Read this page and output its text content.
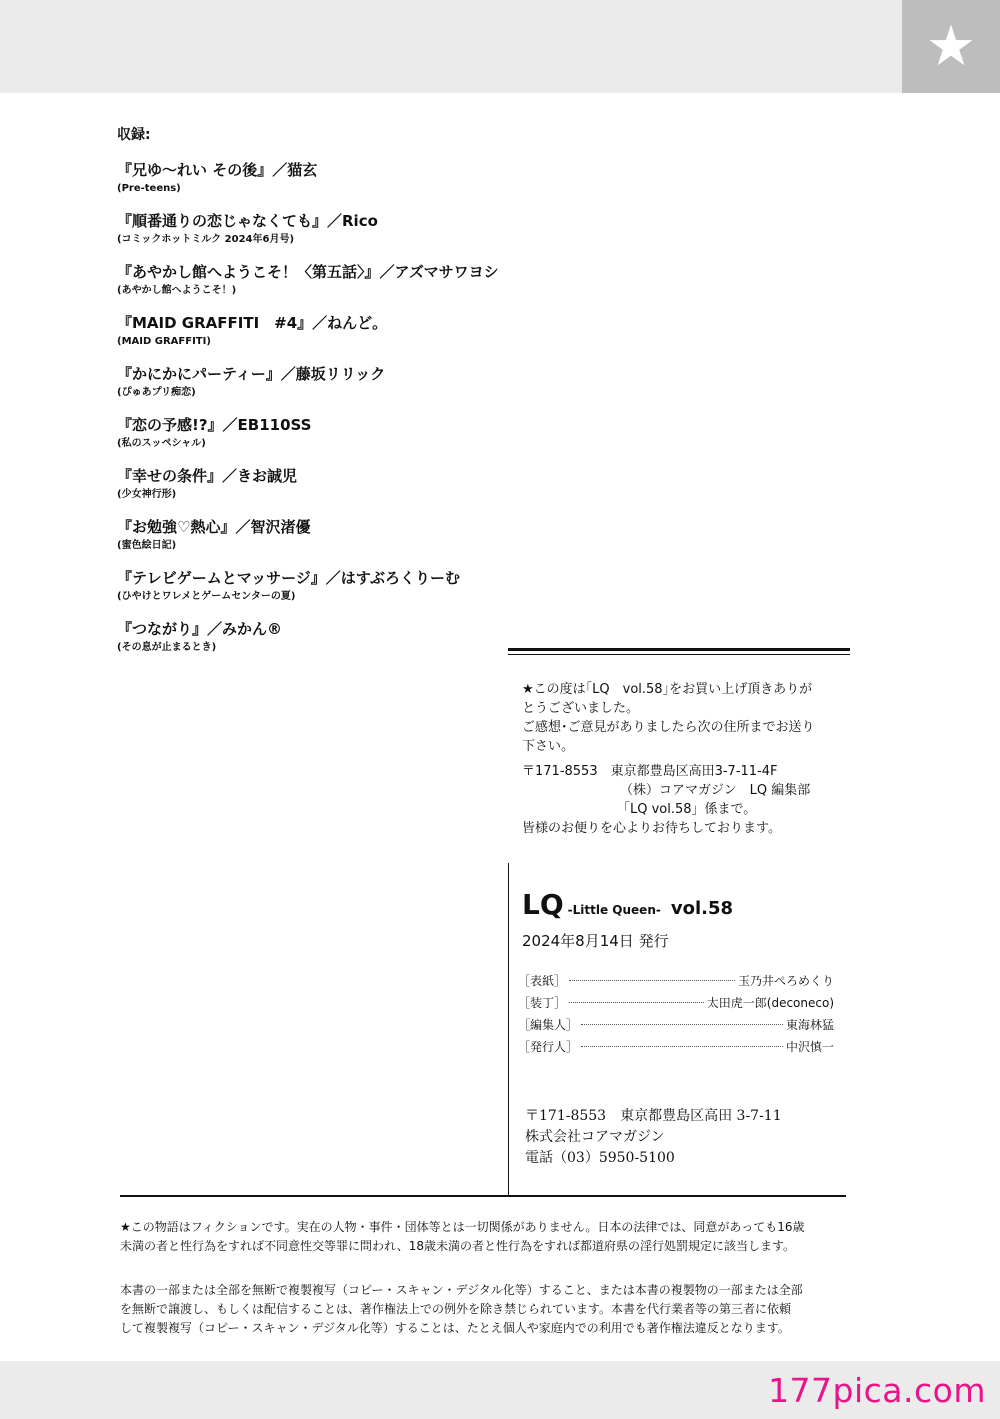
★
収録:
『兄ゆ〜れい その後』／猫玄
(Pre-teens)
『順番通りの恋じゃなくても』／Rico
(コミックホットミルク 2024年6月号)
『あやかし館へようこそ！〈第五話〉』／アズマサワヨシ
(あやかし館へようこそ！)
『MAID GRAFFITI　#4』／ねんど。
(MAID GRAFFITI)
『かにかにパーティー』／藤坂リリック
(ぴゅあプリ痴恋)
『恋の予感!?』／EB110SS
(私のスッペシャル)
『幸せの条件』／きお誠児
(少女神行形)
『お勉強♡熱心』／智沢渚優
(蜜色絵日記)
『テレビゲームとマッサージ』／はすぶろくりーむ
(ひやけとワレメとゲームセンターの夏)
『つながり』／みかん®
(その息が止まるとき)

★この度は｢LQ　vol.58｣をお買い上げ頂きありが

とうございました。

ご感想･ご意見がありましたら次の住所までお送り

下さい。

〒171-8553　東京都豊島区高田3-7-11-4F
（株）コアマガジン　LQ 編集部
「LQ vol.58」係まで。

皆様のお便りを心よりお待ちしております。

LQ -Little Queen- vol.58
2024年8月14日 発行
［表紙］	玉乃井ぺろめくり
［装丁］	太田虎一郎(deconeco)
［編集人］	東海林猛
［発行人］	中沢慎一
〒171-8553　東京都豊島区高田 3-7-11
株式会社コアマガジン
電話（03）5950-5100

★この物語はフィクションです。実在の人物・事件・団体等とは一切関係がありません。日本の法律では、同意があっても16歳

未満の者と性行為をすれば不同意性交等罪に問われ、18歳未満の者と性行為をすれば都道府県の淫行処罰規定に該当します。

本書の一部または全部を無断で複製複写（コピー・スキャン・デジタル化等）すること、または本書の複製物の一部または全部

を無断で譲渡し、もしくは配信することは、著作権法上での例外を除き禁じられています。本書を代行業者等の第三者に依頼

して複製複写（コピー・スキャン・デジタル化等）することは、たとえ個人や家庭内での利用でも著作権法違反となります。

177pica.com
